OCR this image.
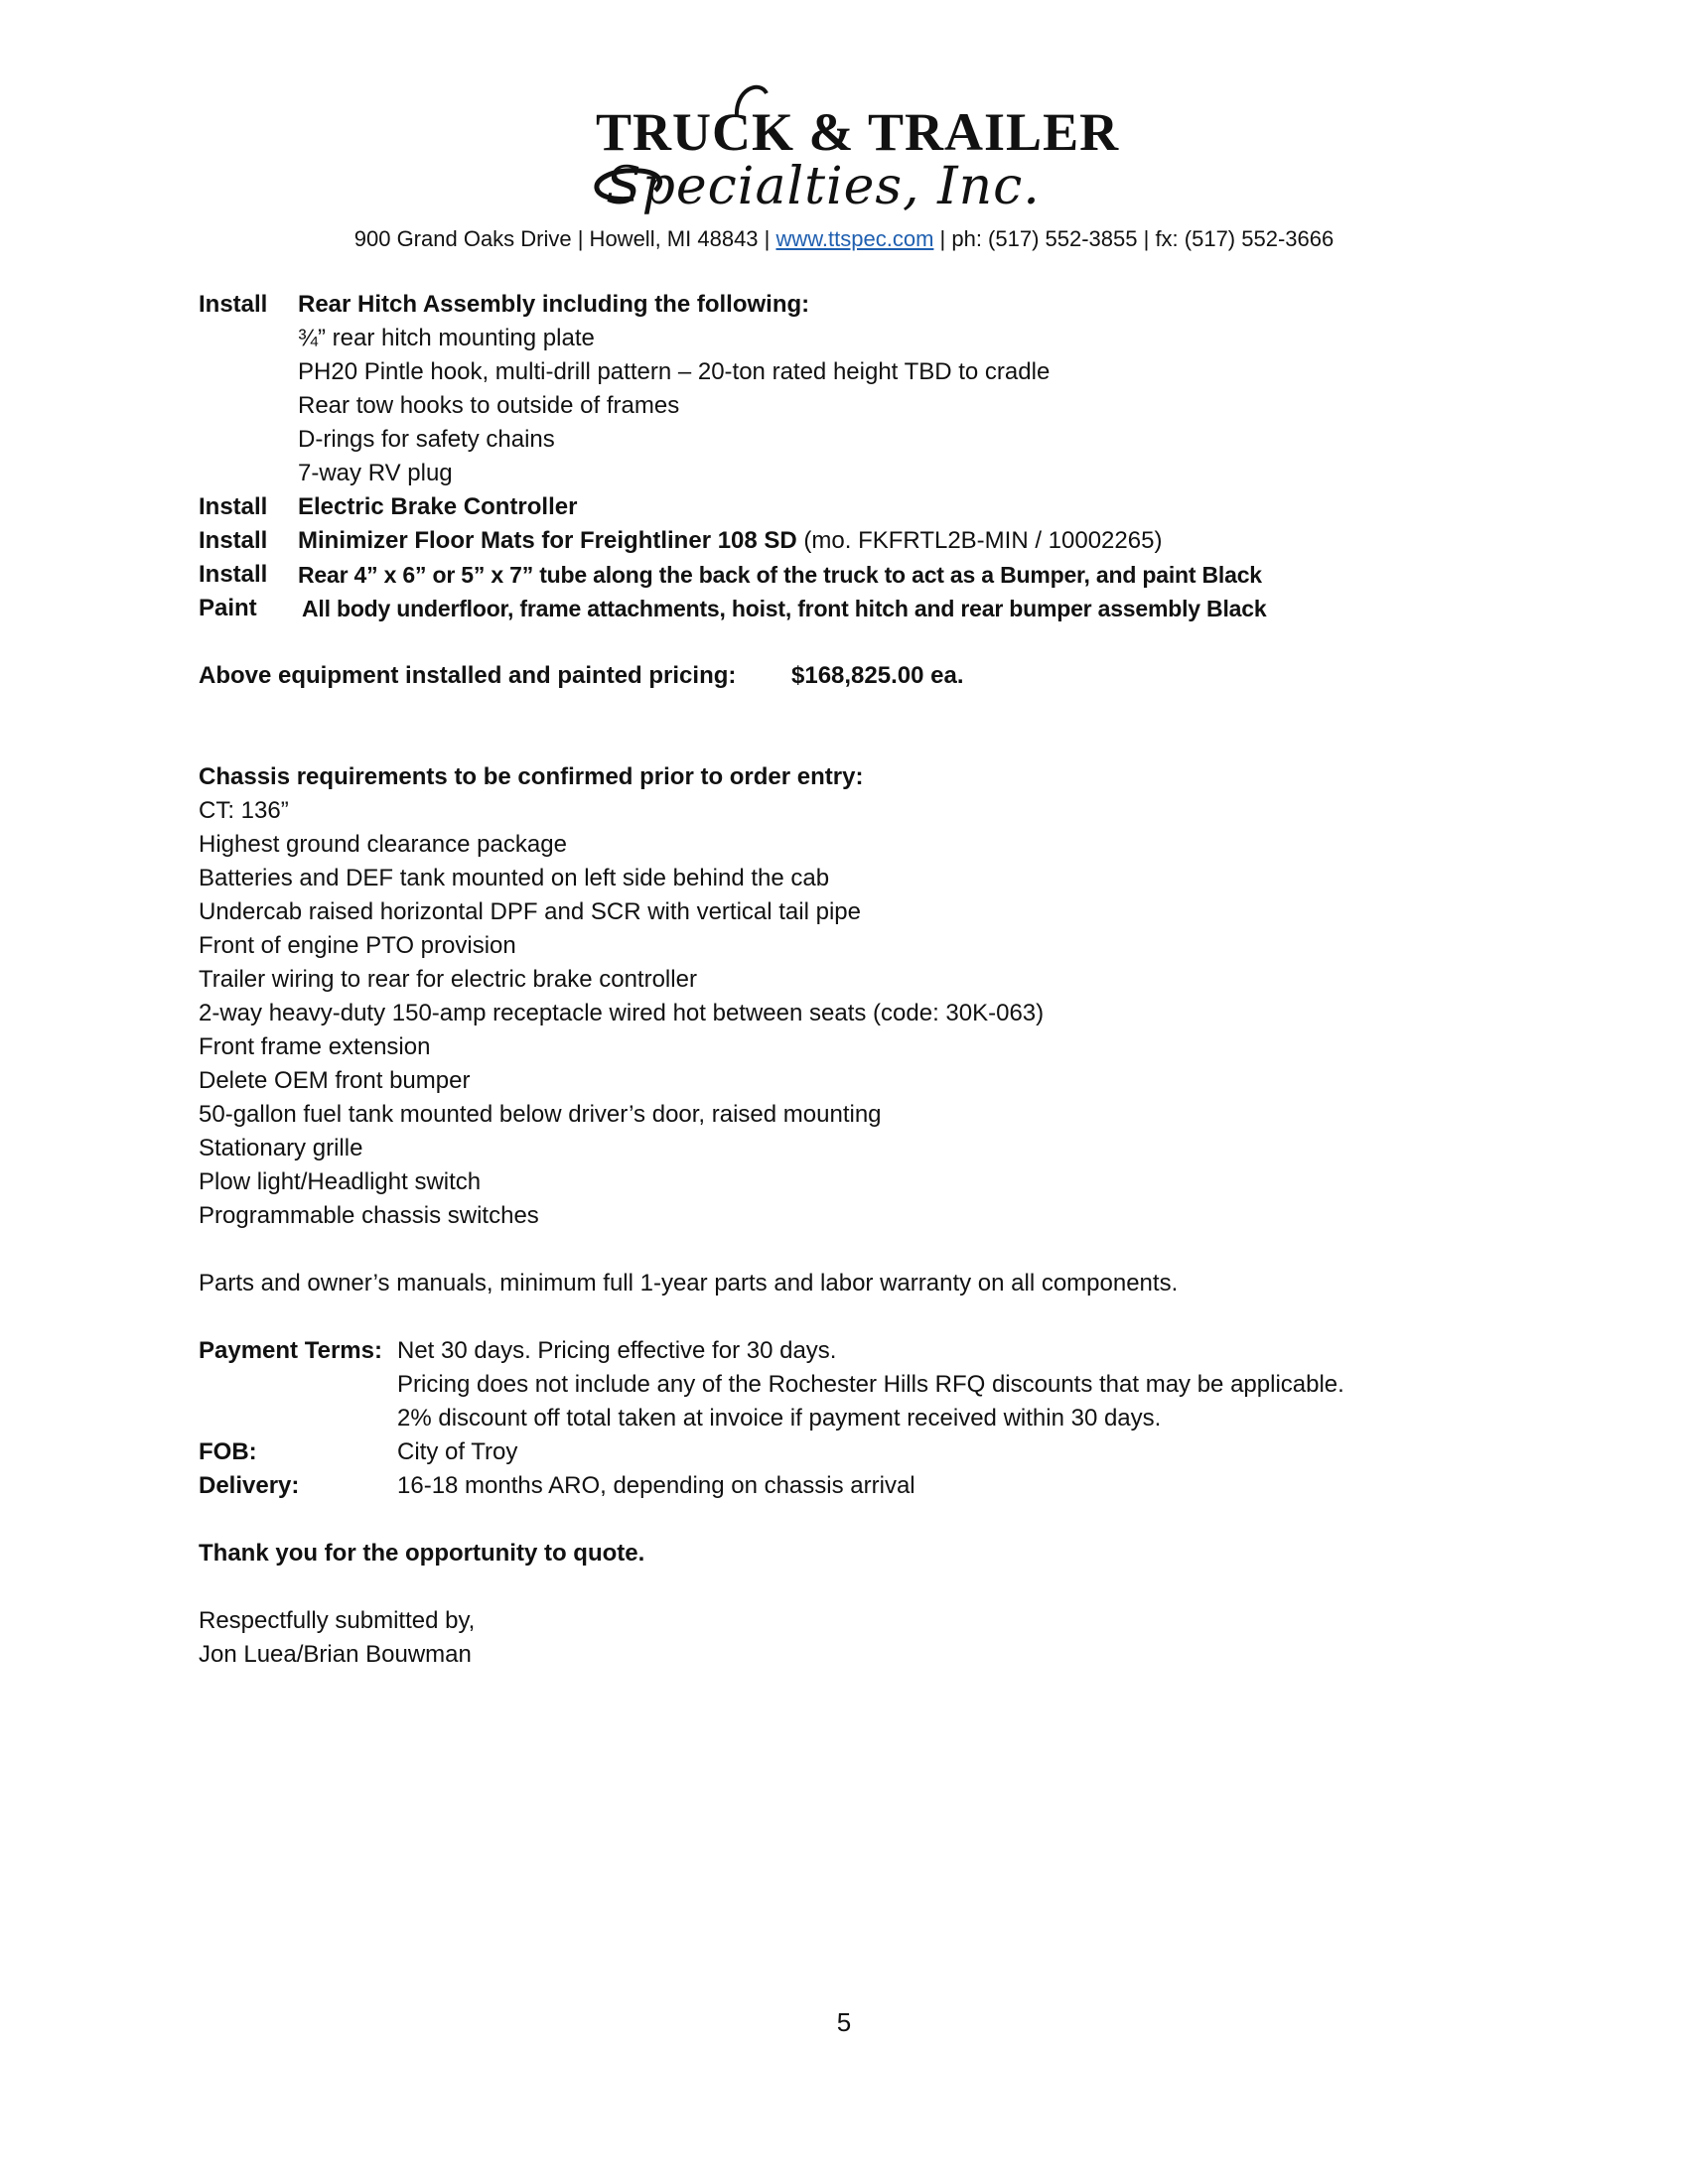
TRUCK & TRAILER
Specialties, Inc.
900 Grand Oaks Drive | Howell, MI 48843 | www.ttspec.com | ph: (517) 552-3855 | fx: (517) 552-3666
Install Rear Hitch Assembly including the following:
¾” rear hitch mounting plate
PH20 Pintle hook, multi-drill pattern – 20-ton rated height TBD to cradle
Rear tow hooks to outside of frames
D-rings for safety chains
7-way RV plug
Install Electric Brake Controller
Install Minimizer Floor Mats for Freightliner 108 SD (mo. FKFRTL2B-MIN / 10002265)
Install Rear 4” x 6” or 5” x 7” tube along the back of the truck to act as a Bumper, and paint Black
Paint All body underfloor, frame attachments, hoist, front hitch and rear bumper assembly Black
Above equipment installed and painted pricing: $168,825.00 ea.
Chassis requirements to be confirmed prior to order entry:
CT: 136”
Highest ground clearance package
Batteries and DEF tank mounted on left side behind the cab
Undercab raised horizontal DPF and SCR with vertical tail pipe
Front of engine PTO provision
Trailer wiring to rear for electric brake controller
2-way heavy-duty 150-amp receptacle wired hot between seats (code: 30K-063)
Front frame extension
Delete OEM front bumper
50-gallon fuel tank mounted below driver’s door, raised mounting
Stationary grille
Plow light/Headlight switch
Programmable chassis switches
Parts and owner’s manuals, minimum full 1-year parts and labor warranty on all components.
Payment Terms: Net 30 days. Pricing effective for 30 days.
Pricing does not include any of the Rochester Hills RFQ discounts that may be applicable.
2% discount off total taken at invoice if payment received within 30 days.
FOB:	City of Troy
Delivery:	16-18 months ARO, depending on chassis arrival
Thank you for the opportunity to quote.
Respectfully submitted by,
Jon Luea/Brian Bouwman
5
